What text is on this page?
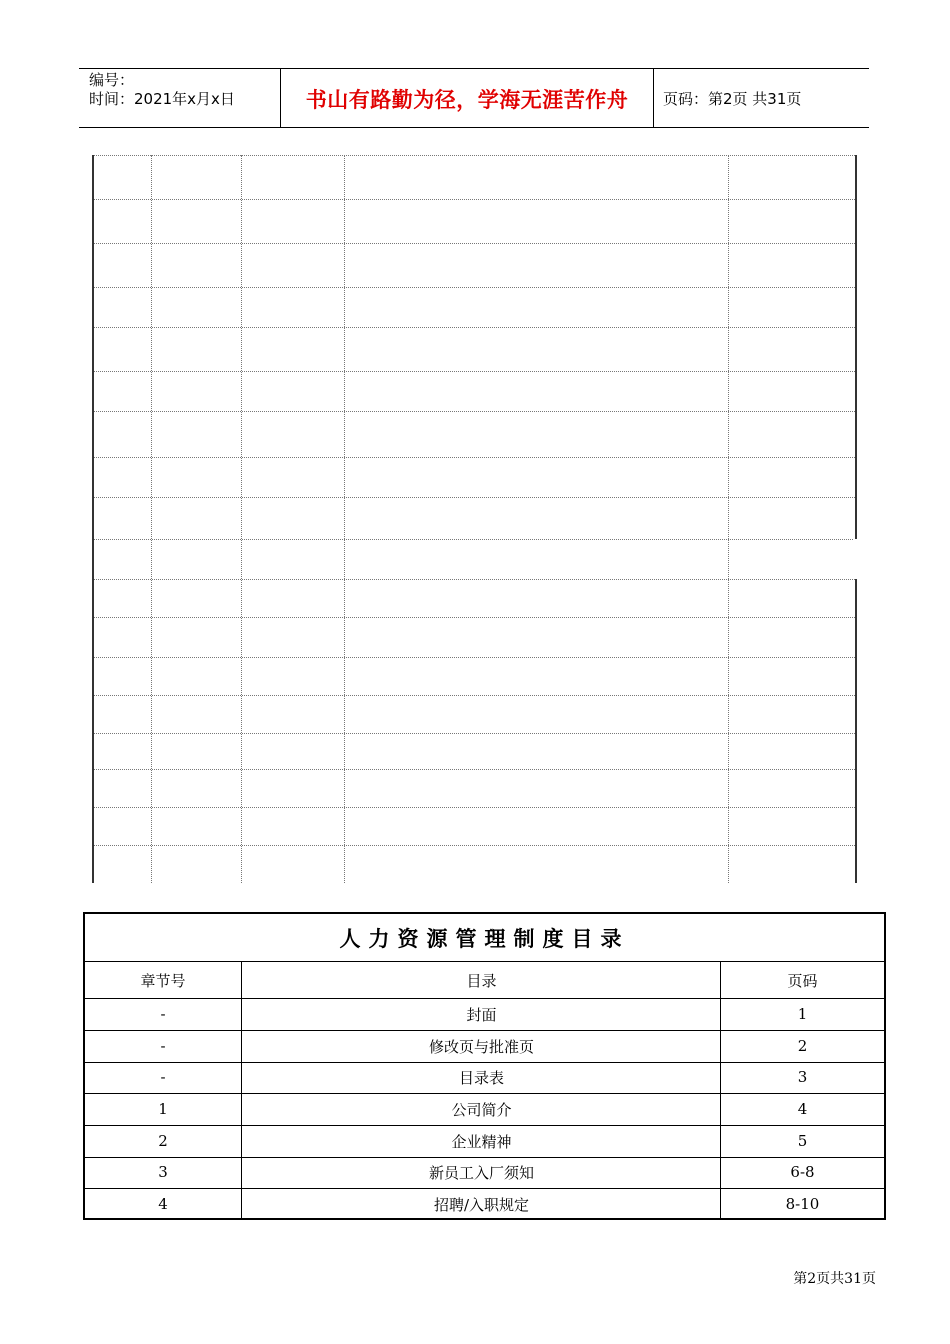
编号：
时间：2021年x月x日	书山有路勤为径，学海无涯苦作舟	页码：第2页 共31页
人力资源管理制度目录
章节号	目录	页码
-	封面	1
-	修改页与批准页	2
-	目录表	3
1	公司简介	4
2	企业精神	5
3	新员工入厂须知	6-8
4	招聘/入职规定	8-10
第2页共31页
